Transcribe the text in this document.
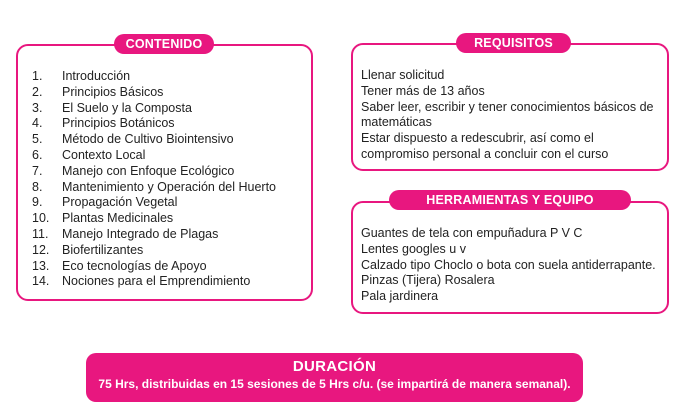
CONTENIDO
1.	Introducción
2.	Principios Básicos
3.	El Suelo y la Composta
4.	Principios Botánicos
5.	Método de Cultivo Biointensivo
6.	Contexto Local
7.	Manejo con Enfoque Ecológico
8.	Mantenimiento y Operación del Huerto
9.	Propagación Vegetal
10.	Plantas Medicinales
11.	Manejo Integrado de Plagas
12.	Biofertilizantes
13.	Eco tecnologías de Apoyo
14.	Nociones para el Emprendimiento
REQUISITOS
Llenar solicitud
Tener más de 13 años
Saber leer, escribir y tener conocimientos básicos de matemáticas
Estar dispuesto a redescubrir, así como el compromiso personal a concluir con el curso
HERRAMIENTAS Y EQUIPO PERSONAL
Guantes de tela con empuñadura P V C
Lentes googles u v
Calzado tipo Choclo o bota con suela antiderrapante.
Pinzas (Tijera) Rosalera
Pala jardinera
DURACIÓN
75 Hrs, distribuidas en 15 sesiones de 5 Hrs c/u. (se impartirá de manera semanal).
